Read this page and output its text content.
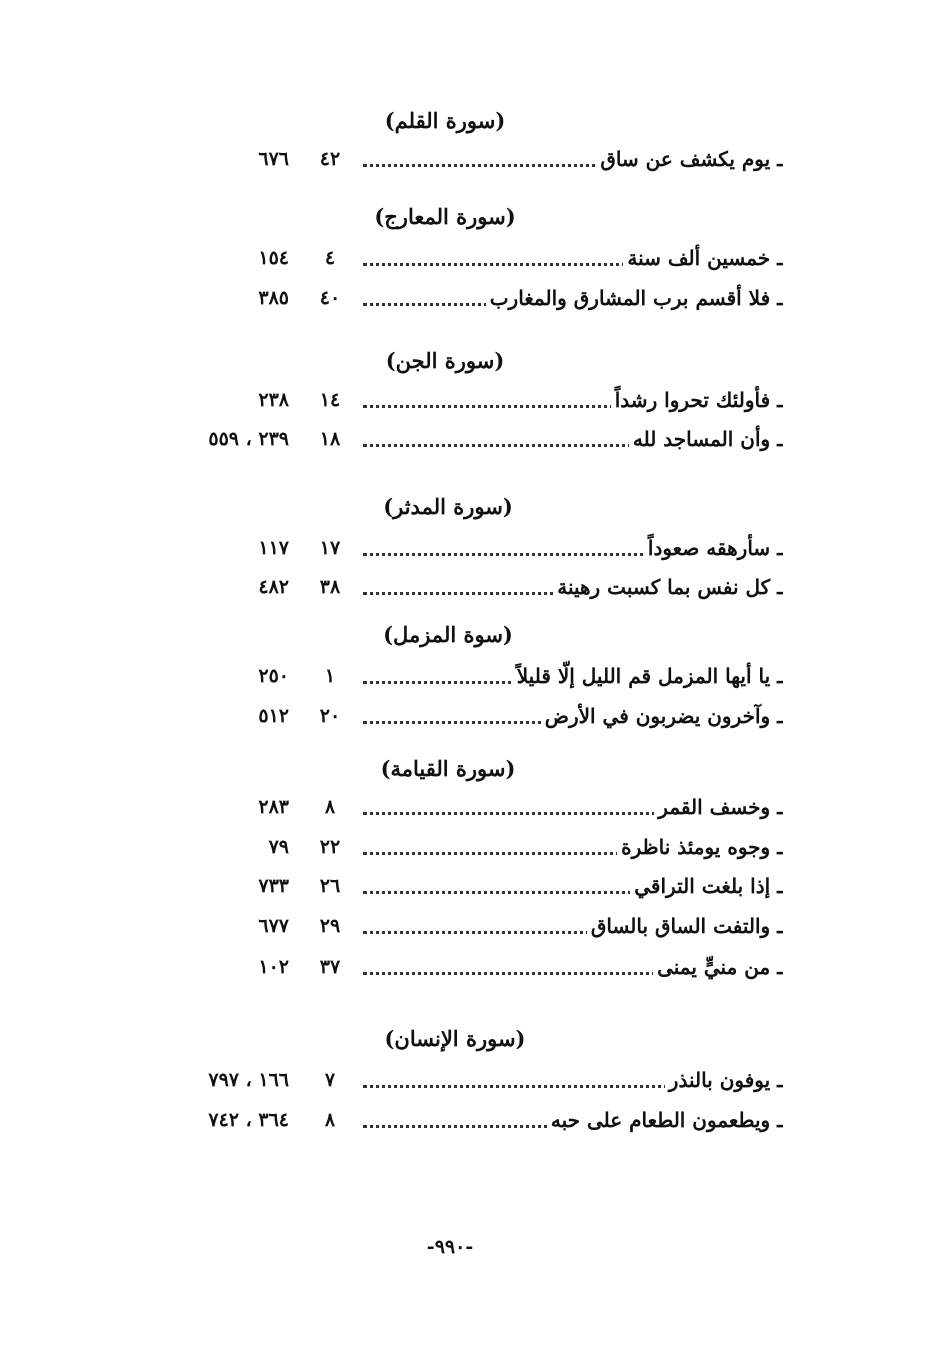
(سورة القلم)
ـ يوم يكشف عن ساق
٤٢
٦٧٦
(سورة المعارج)
ـ خمسين ألف سنة
٤
١٥٤
ـ فلا أقسم برب المشارق والمغارب
٤٠
٣٨٥
(سورة الجن)
ـ فأولئك تحروا رشداً
١٤
٢٣٨
ـ وأن المساجد لله
١٨
٢٣٩ ، ٥٥٩
(سورة المدثر)
ـ سأرهقه صعوداً
١٧
١١٧
ـ كل نفس بما كسبت رهينة
٣٨
٤٨٢
(سوة المزمل)
ـ يا أيها المزمل قم الليل إلّا قليلاً
١
٢٥٠
ـ وآخرون يضربون في الأرض
٢٠
٥١٢
(سورة القيامة)
ـ وخسف القمر
٨
٢٨٣
ـ وجوه يومئذ ناظرة
٢٢
٧٩
ـ إذا بلغت التراقي
٢٦
٧٣٣
ـ والتفت الساق بالساق
٢٩
٦٧٧
ـ من منيٍّ يمنى
٣٧
١٠٢
(سورة الإنسان)
ـ يوفون بالنذر
٧
١٦٦ ، ٧٩٧
ـ ويطعمون الطعام على حبه
٨
٣٦٤ ، ٧٤٢
-٩٩٠-
